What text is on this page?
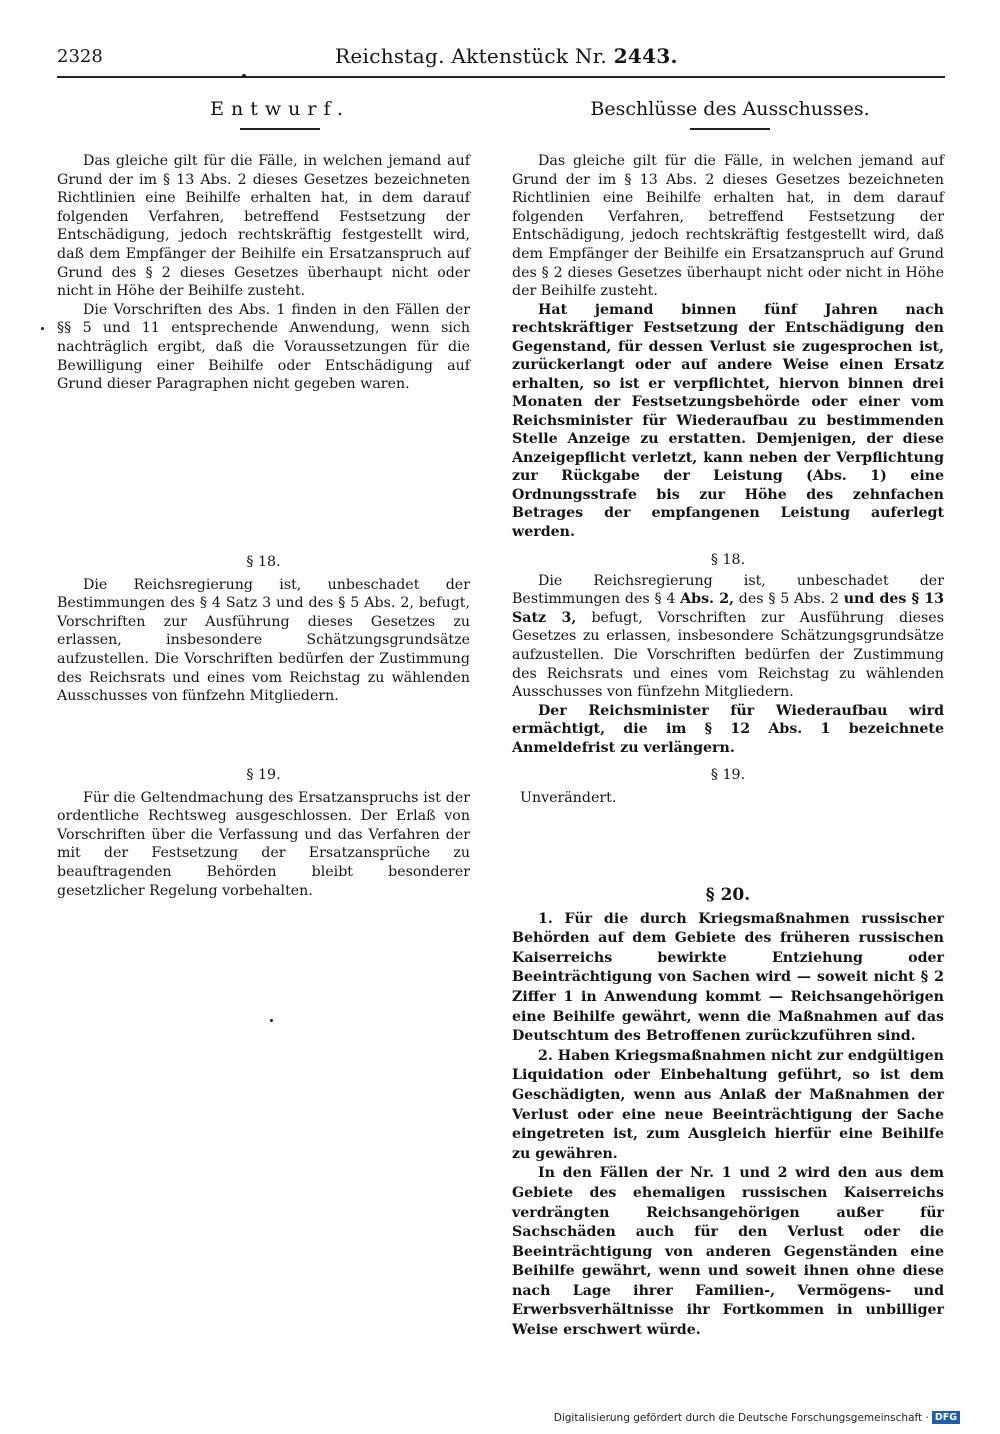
2328	Reichstag. Aktenstück Nr. 2443.
Entwurf.	Beschlüsse des Ausschusses.

Das gleiche gilt für die Fälle, in welchen jemand auf Grund der im § 13 Abs. 2 dieses Gesetzes bezeichneten Richtlinien eine Beihilfe erhalten hat, in dem darauf folgenden Verfahren, betreffend Festsetzung der Entschädigung, jedoch rechtskräftig festgestellt wird, daß dem Empfänger der Beihilfe ein Ersatzanspruch auf Grund des § 2 dieses Gesetzes überhaupt nicht oder nicht in Höhe der Beihilfe zusteht.

Die Vorschriften des Abs. 1 finden in den Fällen der §§ 5 und 11 entsprechende Anwendung, wenn sich nachträglich ergibt, daß die Voraussetzungen für die Bewilligung einer Beihilfe oder Entschädigung auf Grund dieser Paragraphen nicht gegeben waren.

§ 18.

Die Reichsregierung ist, unbeschadet der Bestimmungen des § 4 Satz 3 und des § 5 Abs. 2, befugt, Vorschriften zur Ausführung dieses Gesetzes zu erlassen, insbesondere Schätzungsgrundsätze aufzustellen. Die Vorschriften bedürfen der Zustimmung des Reichsrats und eines vom Reichstag zu wählenden Ausschusses von fünfzehn Mitgliedern.

§ 19.

Für die Geltendmachung des Ersatzanspruchs ist der ordentliche Rechtsweg ausgeschlossen. Der Erlaß von Vorschriften über die Verfassung und das Verfahren der mit der Festsetzung der Ersatzansprüche zu beauftragenden Behörden bleibt besonderer gesetzlicher Regelung vorbehalten.

Das gleiche gilt für die Fälle, in welchen jemand auf Grund der im § 13 Abs. 2 dieses Gesetzes bezeichneten Richtlinien eine Beihilfe erhalten hat, in dem darauf folgenden Verfahren, betreffend Festsetzung der Entschädigung, jedoch rechtskräftig festgestellt wird, daß dem Empfänger der Beihilfe ein Ersatzanspruch auf Grund des § 2 dieses Gesetzes überhaupt nicht oder nicht in Höhe der Beihilfe zusteht.

Hat jemand binnen fünf Jahren nach rechtskräftiger Festsetzung der Entschädigung den Gegenstand, für dessen Verlust sie zugesprochen ist, zurückerlangt oder auf andere Weise einen Ersatz erhalten, so ist er verpflichtet, hiervon binnen drei Monaten der Festsetzungsbehörde oder einer vom Reichsminister für Wiederaufbau zu bestimmenden Stelle Anzeige zu erstatten. Demjenigen, der diese Anzeigepflicht verletzt, kann neben der Verpflichtung zur Rückgabe der Leistung (Abs. 1) eine Ordnungsstrafe bis zur Höhe des zehnfachen Betrages der empfangenen Leistung auferlegt werden.

§ 18.

Die Reichsregierung ist, unbeschadet der Bestimmungen des § 4 Abs. 2, des § 5 Abs. 2 und des § 13 Satz 3, befugt, Vorschriften zur Ausführung dieses Gesetzes zu erlassen, insbesondere Schätzungsgrundsätze aufzustellen. Die Vorschriften bedürfen der Zustimmung des Reichsrats und eines vom Reichstag zu wählenden Ausschusses von fünfzehn Mitgliedern.

Der Reichsminister für Wiederaufbau wird ermächtigt, die im § 12 Abs. 1 bezeichnete Anmeldefrist zu verlängern.

§ 19.

Unverändert.

§ 20.

1. Für die durch Kriegsmaßnahmen russischer Behörden auf dem Gebiete des früheren russischen Kaiserreichs bewirkte Entziehung oder Beeinträchtigung von Sachen wird — soweit nicht § 2 Ziffer 1 in Anwendung kommt — Reichsangehörigen eine Beihilfe gewährt, wenn die Maßnahmen auf das Deutschtum des Betroffenen zurückzuführen sind.

2. Haben Kriegsmaßnahmen nicht zur endgültigen Liquidation oder Einbehaltung geführt, so ist dem Geschädigten, wenn aus Anlaß der Maßnahmen der Verlust oder eine neue Beeinträchtigung der Sache eingetreten ist, zum Ausgleich hierfür eine Beihilfe zu gewähren.

In den Fällen der Nr. 1 und 2 wird den aus dem Gebiete des ehemaligen russischen Kaiserreichs verdrängten Reichsangehörigen außer für Sachschäden auch für den Verlust oder die Beeinträchtigung von anderen Gegenständen eine Beihilfe gewährt, wenn und soweit ihnen ohne diese nach Lage ihrer Familien-, Vermögens- und Erwerbsverhältnisse ihr Fortkommen in unbilliger Weise erschwert würde.

Digitalisierung gefördert durch die Deutsche Forschungsgemeinschaft · DFG
